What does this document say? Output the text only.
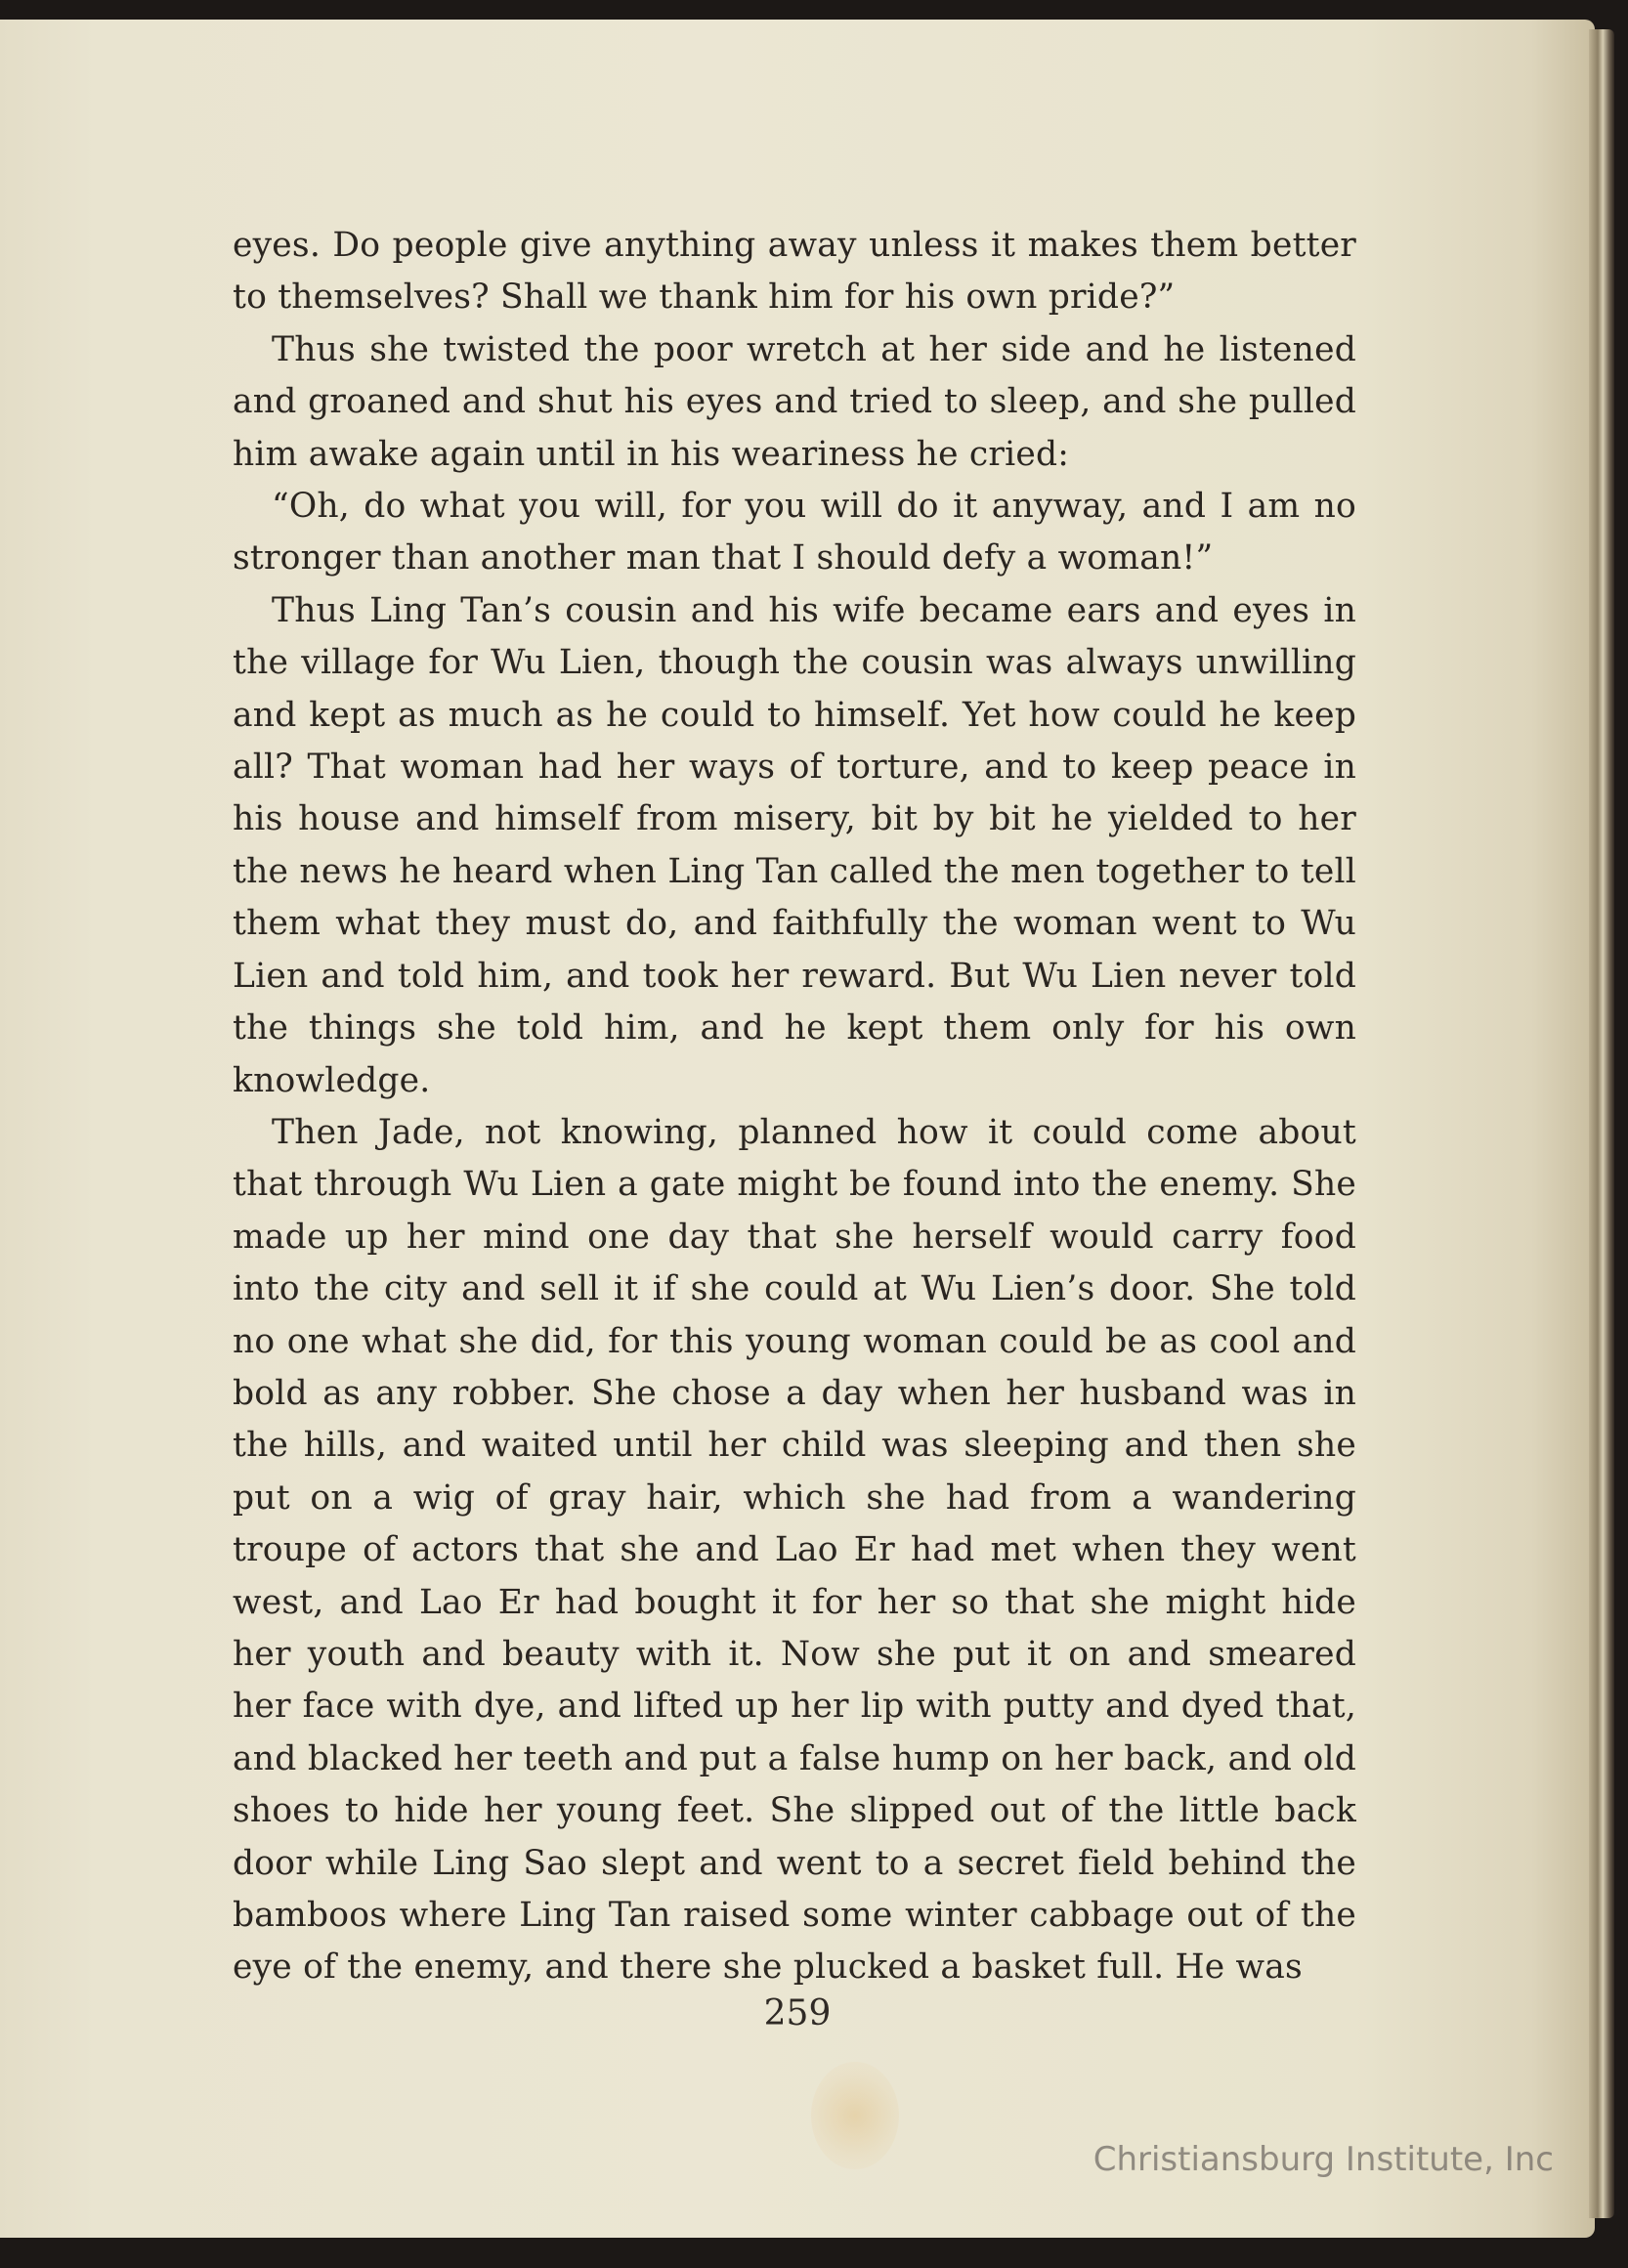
eyes. Do people give anything away unless it makes them better to themselves? Shall we thank him for his own pride?”

Thus she twisted the poor wretch at her side and he listened and groaned and shut his eyes and tried to sleep, and she pulled him awake again until in his weariness he cried:

“Oh, do what you will, for you will do it anyway, and I am no stronger than another man that I should defy a woman!”

Thus Ling Tan’s cousin and his wife became ears and eyes in the village for Wu Lien, though the cousin was always unwilling and kept as much as he could to himself. Yet how could he keep all? That woman had her ways of torture, and to keep peace in his house and himself from misery, bit by bit he yielded to her the news he heard when Ling Tan called the men together to tell them what they must do, and faithfully the woman went to Wu Lien and told him, and took her reward. But Wu Lien never told the things she told him, and he kept them only for his own knowledge.

Then Jade, not knowing, planned how it could come about that through Wu Lien a gate might be found into the enemy. She made up her mind one day that she herself would carry food into the city and sell it if she could at Wu Lien’s door. She told no one what she did, for this young woman could be as cool and bold as any robber. She chose a day when her husband was in the hills, and waited until her child was sleeping and then she put on a wig of gray hair, which she had from a wandering troupe of actors that she and Lao Er had met when they went west, and Lao Er had bought it for her so that she might hide her youth and beauty with it. Now she put it on and smeared her face with dye, and lifted up her lip with putty and dyed that, and blacked her teeth and put a false hump on her back, and old shoes to hide her young feet. She slipped out of the little back door while Ling Sao slept and went to a secret field behind the bamboos where Ling Tan raised some winter cabbage out of the eye of the enemy, and there she plucked a basket full. He was

259
Christiansburg Institute, Inc
